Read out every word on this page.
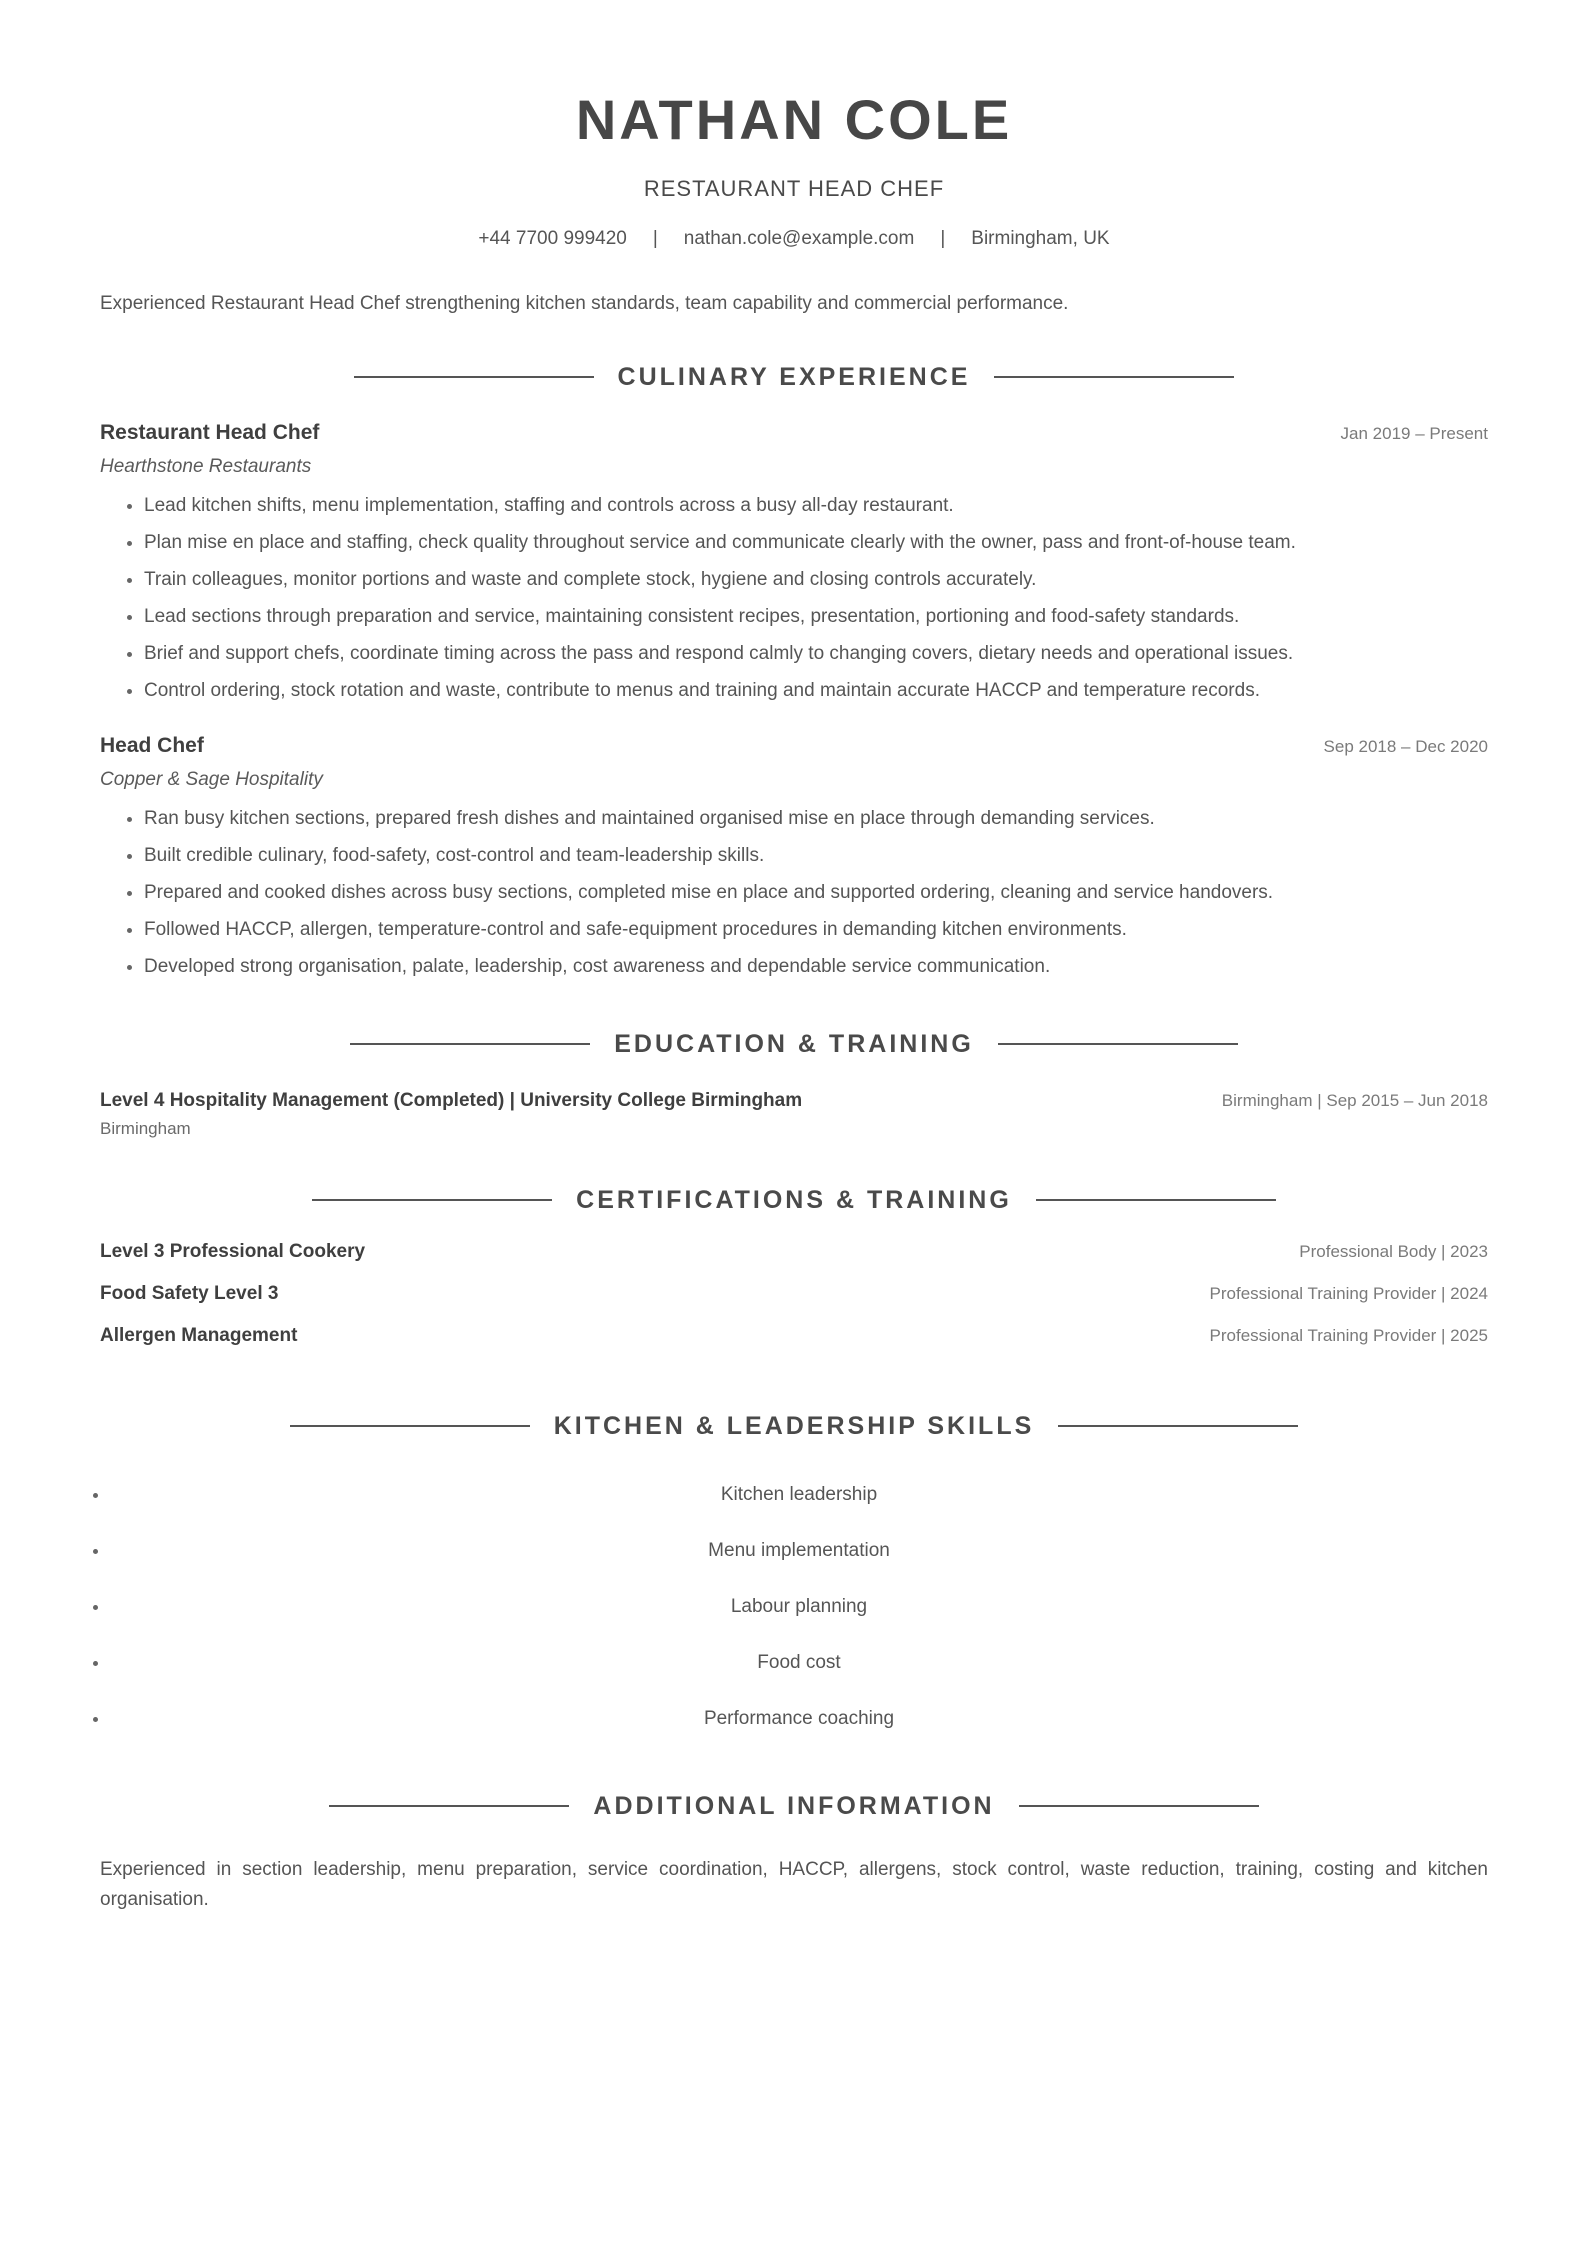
NATHAN COLE
RESTAURANT HEAD CHEF
+44 7700 999420 | nathan.cole@example.com | Birmingham, UK
Experienced Restaurant Head Chef strengthening kitchen standards, team capability and commercial performance.
CULINARY EXPERIENCE
Restaurant Head Chef	Jan 2019 – Present
Hearthstone Restaurants
• Lead kitchen shifts, menu implementation, staffing and controls across a busy all-day restaurant.
• Plan mise en place and staffing, check quality throughout service and communicate clearly with the owner, pass and front-of-house team.
• Train colleagues, monitor portions and waste and complete stock, hygiene and closing controls accurately.
• Lead sections through preparation and service, maintaining consistent recipes, presentation, portioning and food-safety standards.
• Brief and support chefs, coordinate timing across the pass and respond calmly to changing covers, dietary needs and operational issues.
• Control ordering, stock rotation and waste, contribute to menus and training and maintain accurate HACCP and temperature records.
Head Chef	Sep 2018 – Dec 2020
Copper & Sage Hospitality
• Ran busy kitchen sections, prepared fresh dishes and maintained organised mise en place through demanding services.
• Built credible culinary, food-safety, cost-control and team-leadership skills.
• Prepared and cooked dishes across busy sections, completed mise en place and supported ordering, cleaning and service handovers.
• Followed HACCP, allergen, temperature-control and safe-equipment procedures in demanding kitchen environments.
• Developed strong organisation, palate, leadership, cost awareness and dependable service communication.
EDUCATION & TRAINING
Level 4 Hospitality Management (Completed) | University College Birmingham	Birmingham | Sep 2015 – Jun 2018
Birmingham
CERTIFICATIONS & TRAINING
Level 3 Professional Cookery	Professional Body | 2023
Food Safety Level 3	Professional Training Provider | 2024
Allergen Management	Professional Training Provider | 2025
KITCHEN & LEADERSHIP SKILLS
• Kitchen leadership
• Menu implementation
• Labour planning
• Food cost
• Performance coaching
ADDITIONAL INFORMATION
Experienced in section leadership, menu preparation, service coordination, HACCP, allergens, stock control, waste reduction, training, costing and kitchen organisation.
